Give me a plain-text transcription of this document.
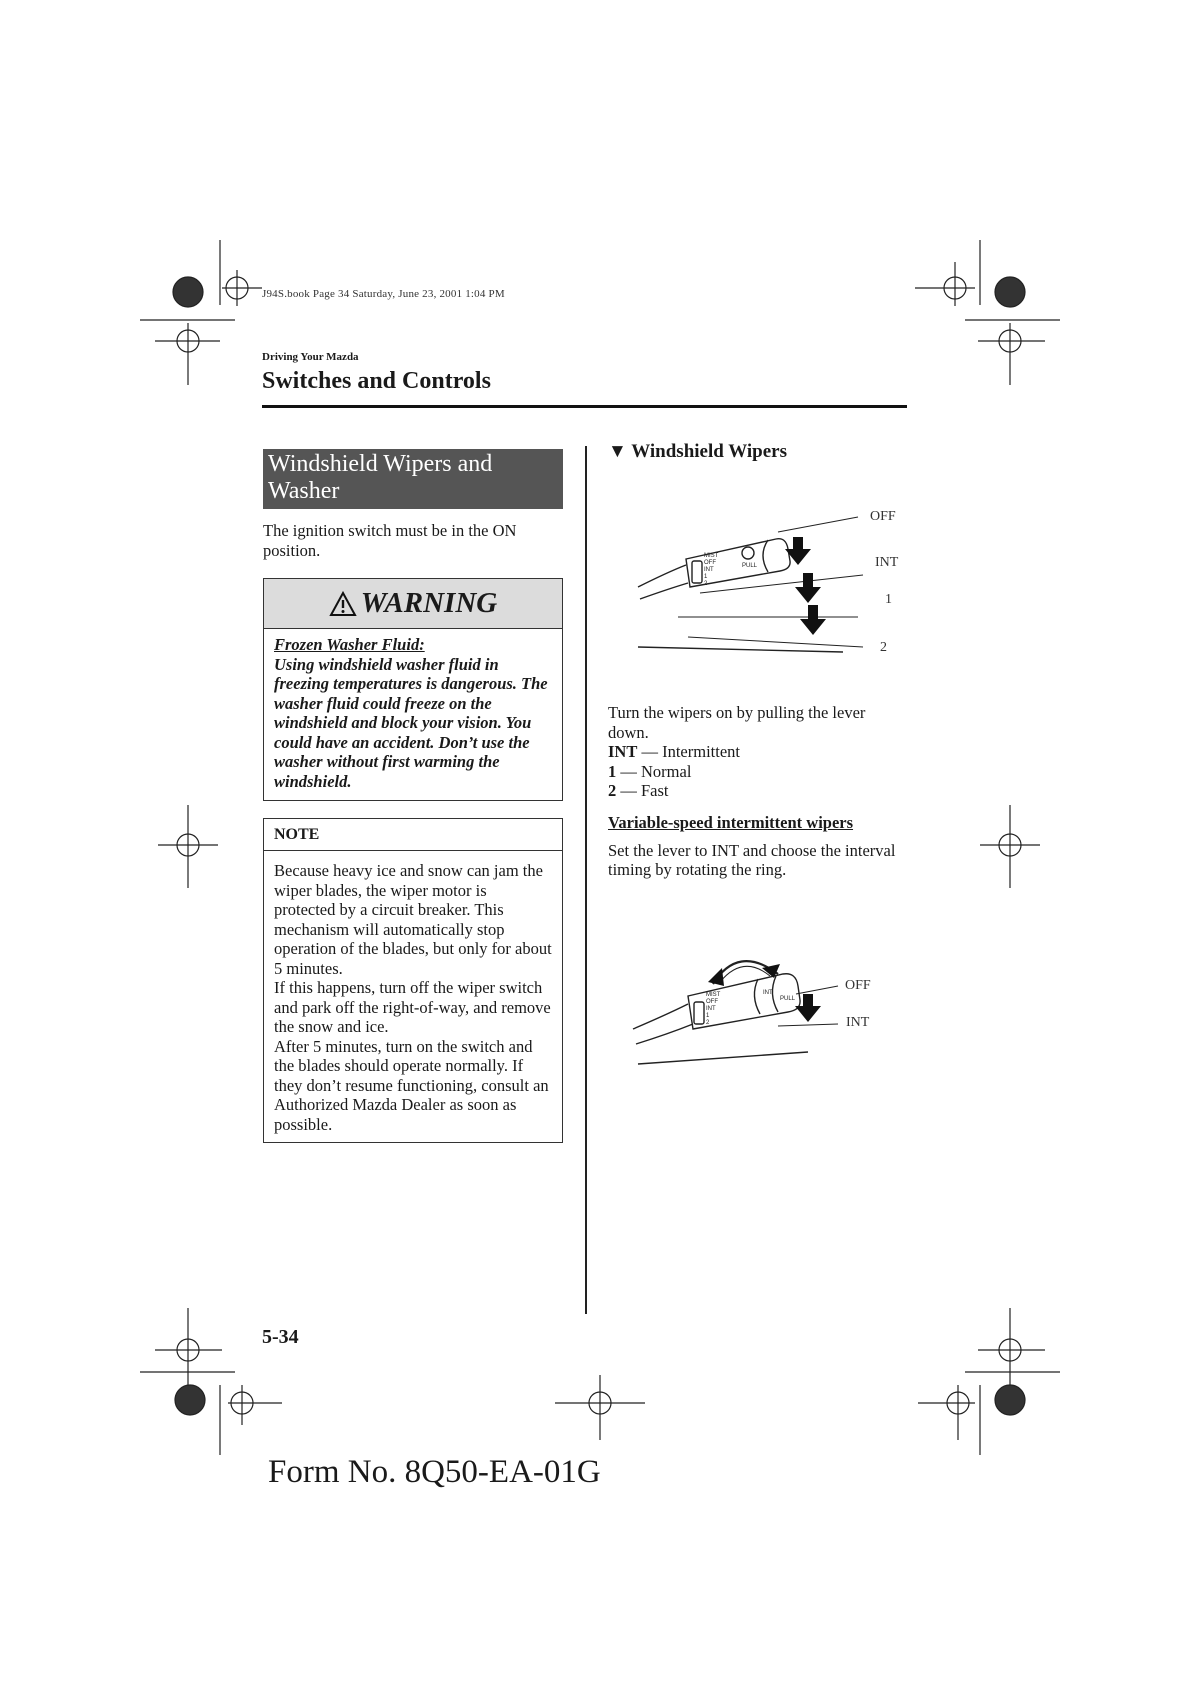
J94S.book Page 34 Saturday, June 23, 2001 1:04 PM
Driving Your Mazda
Switches and Controls
Windshield Wipers and Washer

The ignition switch must be in the ON position.

WARNING
Frozen Washer Fluid:
Using windshield washer fluid in freezing temperatures is dangerous. The washer fluid could freeze on the windshield and block your vision. You could have an accident. Don’t use the washer without first warming the windshield.
NOTE
Because heavy ice and snow can jam the wiper blades, the wiper motor is protected by a circuit breaker. This mechanism will automatically stop operation of the blades, but only for about 5 minutes.
If this happens, turn off the wiper switch and park off the right-of-way, and remove the snow and ice.
After 5 minutes, turn on the switch and the blades should operate normally. If they don’t resume functioning, consult an Authorized Mazda Dealer as soon as possible.
▼ Windshield Wipers
MIST
OFF
INT
1
2
PULL
OFF
INT
1
2

Turn the wipers on by pulling the lever down.

INT — Intermittent

1 — Normal

2 — Fast

Variable-speed intermittent wipers

Set the lever to INT and choose the interval timing by rotating the ring.

MIST
OFF
INT
1
2
PULL
INT	OFF
INT
5-34
Form No. 8Q50-EA-01G
